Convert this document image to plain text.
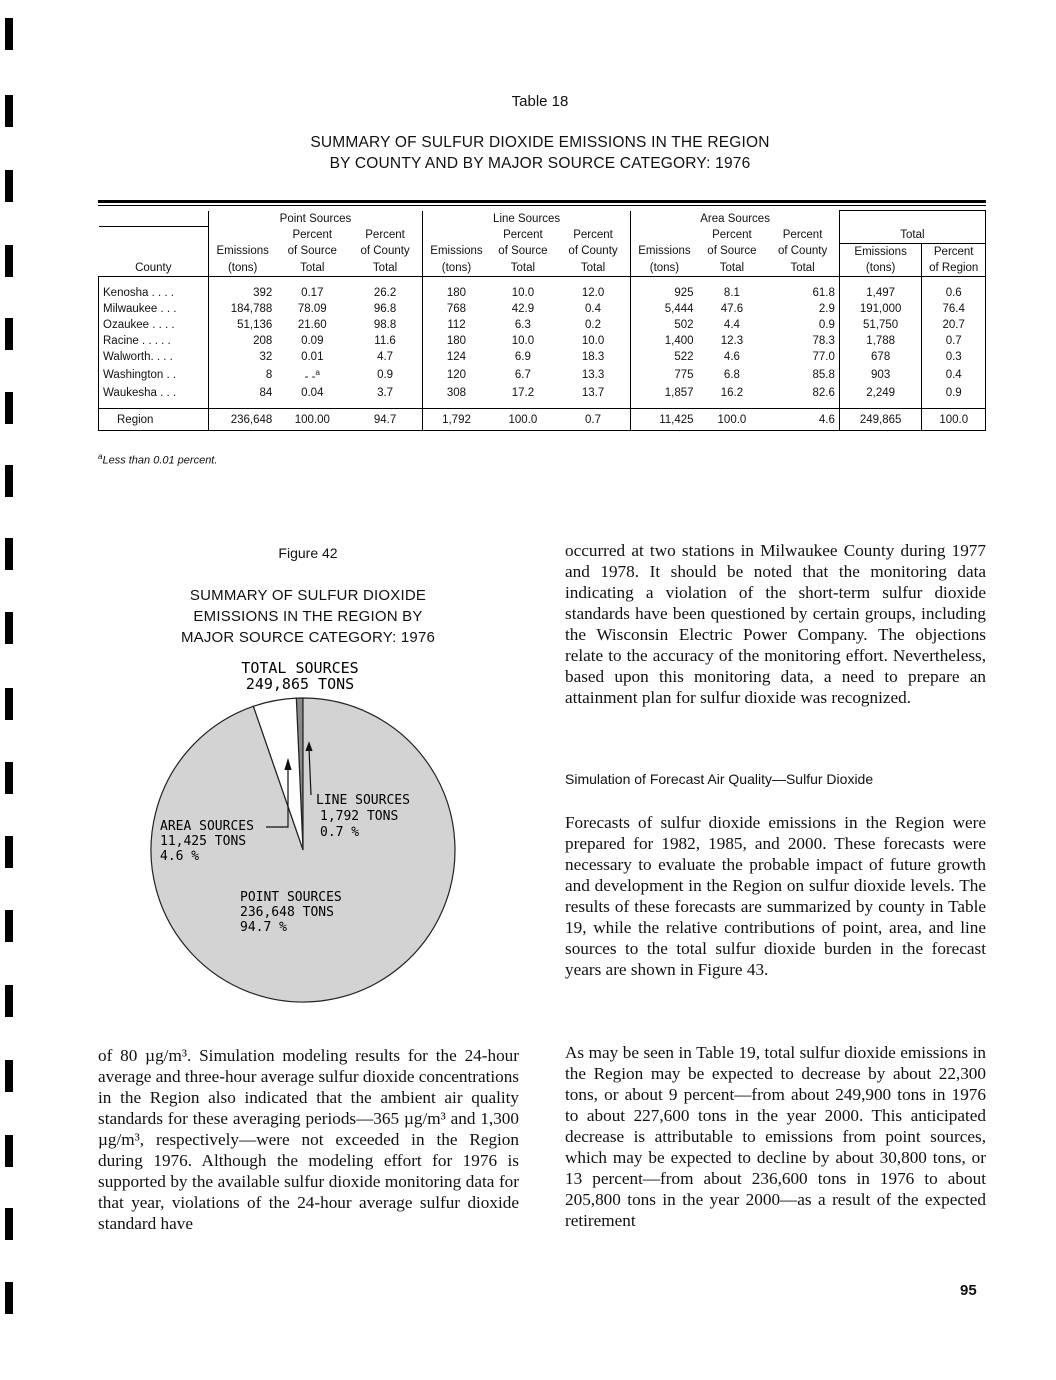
Table 18
SUMMARY OF SULFUR DIOXIDE EMISSIONS IN THE REGION
BY COUNTY AND BY MAJOR SOURCE CATEGORY: 1976
	Point Sources			Line Sources			Area Sources				
		Percent	Percent		Percent	Percent		Percent	Percent	Total	
	Emissions	of Source	of County	Emissions	of Source	of County	Emissions	of Source	of County	Emissions	Percent
County	(tons)	Total	Total	(tons)	Total	Total	(tons)	Total	Total	(tons)	of Region

Kenosha . . . .	392	0.17	26.2	180	10.0	12.0	925	8.1	61.8	1,497	0.6
Milwaukee . . .	184,788	78.09	96.8	768	42.9	0.4	5,444	47.6	2.9	191,000	76.4
Ozaukee . . . .	51,136	21.60	98.8	112	6.3	0.2	502	4.4	0.9	51,750	20.7
Racine . . . . .	208	0.09	11.6	180	10.0	10.0	1,400	12.3	78.3	1,788	0.7
Walworth. . . .	32	0.01	4.7	124	6.9	18.3	522	4.6	77.0	678	0.3
Washington . .	8	- -$^a$	0.9	120	6.7	13.3	775	6.8	85.8	903	0.4
Waukesha . . .	84	0.04	3.7	308	17.2	13.7	1,857	16.2	82.6	2,249	0.9

Region	236,648	100.00	94.7	1,792	100.0	0.7	11,425	100.0	4.6	249,865	100.0
$^a$Less than 0.01 percent.
Figure 42
SUMMARY OF SULFUR DIOXIDE
EMISSIONS IN THE REGION BY
MAJOR SOURCE CATEGORY: 1976
TOTAL SOURCES
249,865 TONS
LINE SOURCES
1,792 TONS
0.7 %
AREA SOURCES
11,425 TONS
4.6 %
POINT SOURCES
236,648 TONS
94.7 %

of 80 µg/m³. Simulation modeling results for the 24-hour average and three-hour average sulfur dioxide concentrations in the Region also indicated that the ambient air quality standards for these averaging periods—365 µg/m³ and 1,300 µg/m³, respectively—were not exceeded in the Region during 1976. Although the modeling effort for 1976 is supported by the available sulfur dioxide monitoring data for that year, violations of the 24-hour average sulfur dioxide standard have

occurred at two stations in Milwaukee County during 1977 and 1978. It should be noted that the monitoring data indicating a violation of the short-term sulfur dioxide standards have been questioned by certain groups, including the Wisconsin Electric Power Company. The objections relate to the accuracy of the monitoring effort. Nevertheless, based upon this monitoring data, a need to prepare an attainment plan for sulfur dioxide was recognized.

Simulation of Forecast Air Quality—Sulfur Dioxide

Forecasts of sulfur dioxide emissions in the Region were prepared for 1982, 1985, and 2000. These forecasts were necessary to evaluate the probable impact of future growth and development in the Region on sulfur dioxide levels. The results of these forecasts are summarized by county in Table 19, while the relative contributions of point, area, and line sources to the total sulfur dioxide burden in the forecast years are shown in Figure 43.

As may be seen in Table 19, total sulfur dioxide emissions in the Region may be expected to decrease by about 22,300 tons, or about 9 percent—from about 249,900 tons in 1976 to about 227,600 tons in the year 2000. This anticipated decrease is attributable to emissions from point sources, which may be expected to decline by about 30,800 tons, or 13 percent—from about 236,600 tons in 1976 to about 205,800 tons in the year 2000—as a result of the expected retirement

95
